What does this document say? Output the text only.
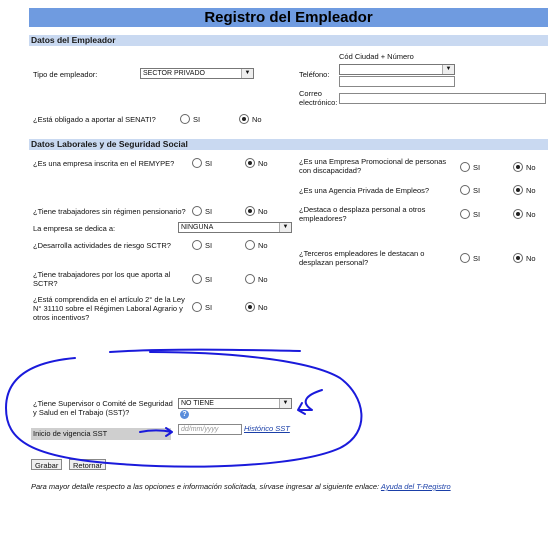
Registro del Empleador
Datos del Empleador
Cód Ciudad + Número
Tipo de empleador:	SECTOR PRIVADO	▼	Teléfono:
▼
Correo electrónico:
¿Está obligado a aportar al SENATI?	SI	No
Datos Laborales y de Seguridad Social
¿Es una empresa inscrita en el REMYPE?	SI	No
¿Tiene trabajadores sin régimen pensionario?	SI	No
La empresa se dedica a:	NINGUNA	▼
¿Desarrolla actividades de riesgo SCTR?	SI	No
¿Tiene trabajadores por los que aporta al SCTR?	SI	No
¿Está comprendida en el artículo 2° de la Ley N° 31110 sobre el Régimen Laboral Agrario y otros incentivos?
SI	No
¿Es una Empresa Promocional de personas con discapacidad?	SI	No
¿Es una Agencia Privada de Empleos?	SI	No
¿Destaca o desplaza personal a otros empleadores?	SI	No
¿Terceros empleadores le destacan o desplazan personal?	SI	No
¿Tiene Supervisor o Comité de Seguridad y Salud en el Trabajo (SST)?
NO TIENE	▼
?
Inicio de vigencia SST	dd/mm/yyyy	Histórico SST
Grabar	Retornar
Para mayor detalle respecto a las opciones e información solicitada, sírvase ingresar al siguiente enlace: Ayuda del T-Registro
